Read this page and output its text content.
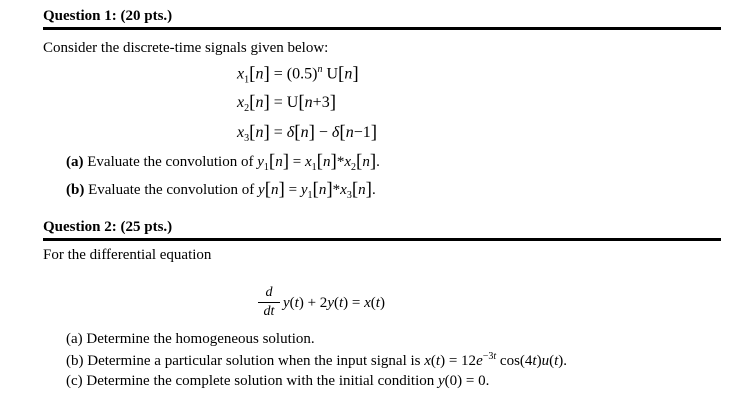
Question 1: (20 pts.)
Consider the discrete-time signals given below:
$x_1[n] = (0.5)^n$ U[n]
$x_2[n] = U[n+3]$
$x_3[n] = \delta[n] - \delta[n-1]$
(a) Evaluate the convolution of $y_1[n] = x_1[n]*x_2[n]$.
(b) Evaluate the convolution of $y[n] = y_1[n]*x_3[n]$.
Question 2: (25 pts.)
For the differential equation
$\frac{d}{dt} y(t) + 2y(t) = x(t)$
(a) Determine the homogeneous solution.
(b) Determine a particular solution when the input signal is $x(t) = 12e^{-3t}$ cos(4t)u(t).
(c) Determine the complete solution with the initial condition y(0) = 0.
